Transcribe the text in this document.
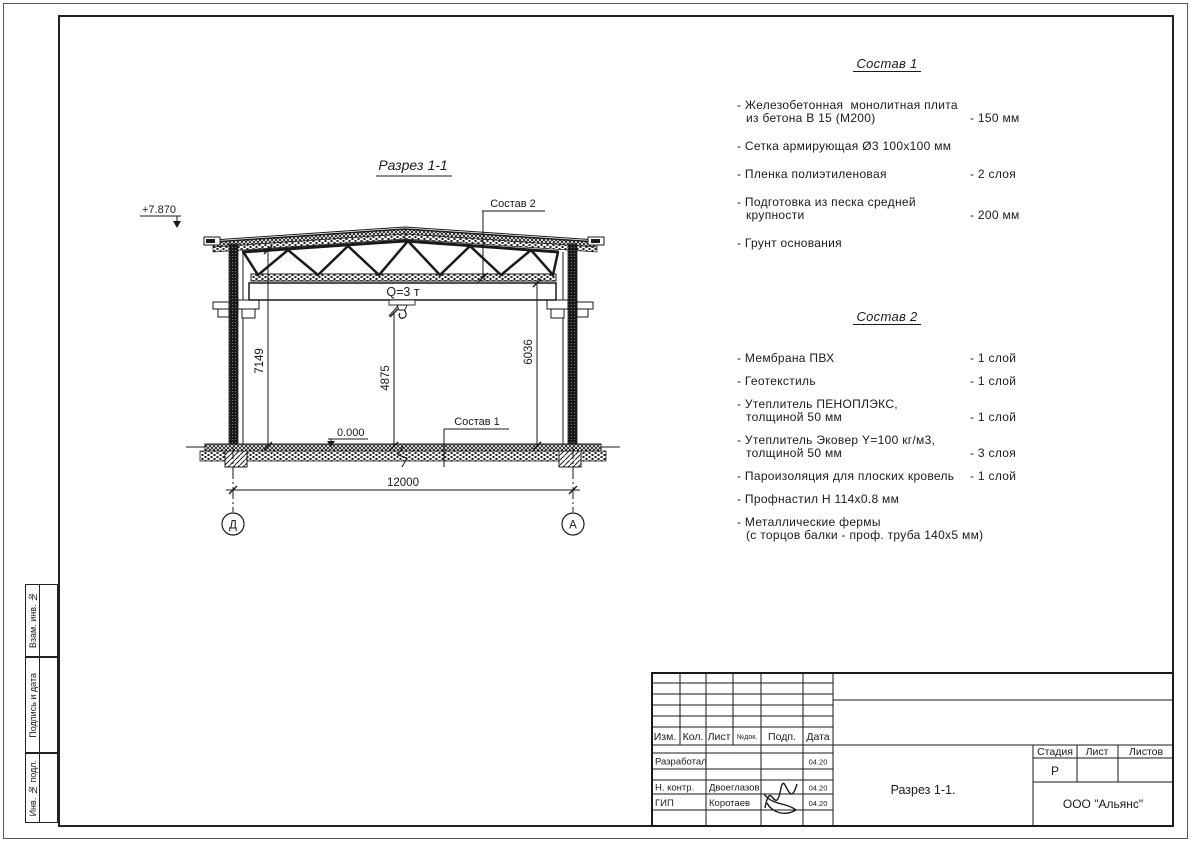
Взам. инв. №
Подпись и дата
Инв. № подл.
Разрез 1-1
Q=3 т
Состав 2
Состав 1
+7.870
0.000
7149
4875
6036
12000
Д	А
Состав 1
- Железобетонная  монолитная плита
из бетона В 15 (М200)	- 150 мм
- Сетка армирующая Ø3 100х100 мм
- Пленка полиэтиленовая	- 2 слоя
- Подготовка из песка средней
крупности	- 200 мм
- Грунт основания
Состав 2
- Мембрана ПВХ	- 1 слой
- Геотекстиль	- 1 слой
- Утеплитель ПЕНОПЛЭКС,
толщиной 50 мм	- 1 слой
- Утеплитель Эковер Y=100 кг/м3,
толщиной 50 мм	- 3 слоя
- Пароизоляция для плоских кровель	- 1 слой
- Профнастил Н 114х0.8 мм
- Металлические фермы
(с торцов балки - проф. труба 140х5 мм)
Изм. Кол. Лист №док. Подп. Дата
Разработал	04.20
Н. контр. Двоеглазов	04.20
ГИП	Коротаев	04.20
Стадия Лист Листов
Р
Разрез 1-1.
ООО "Альянс"
